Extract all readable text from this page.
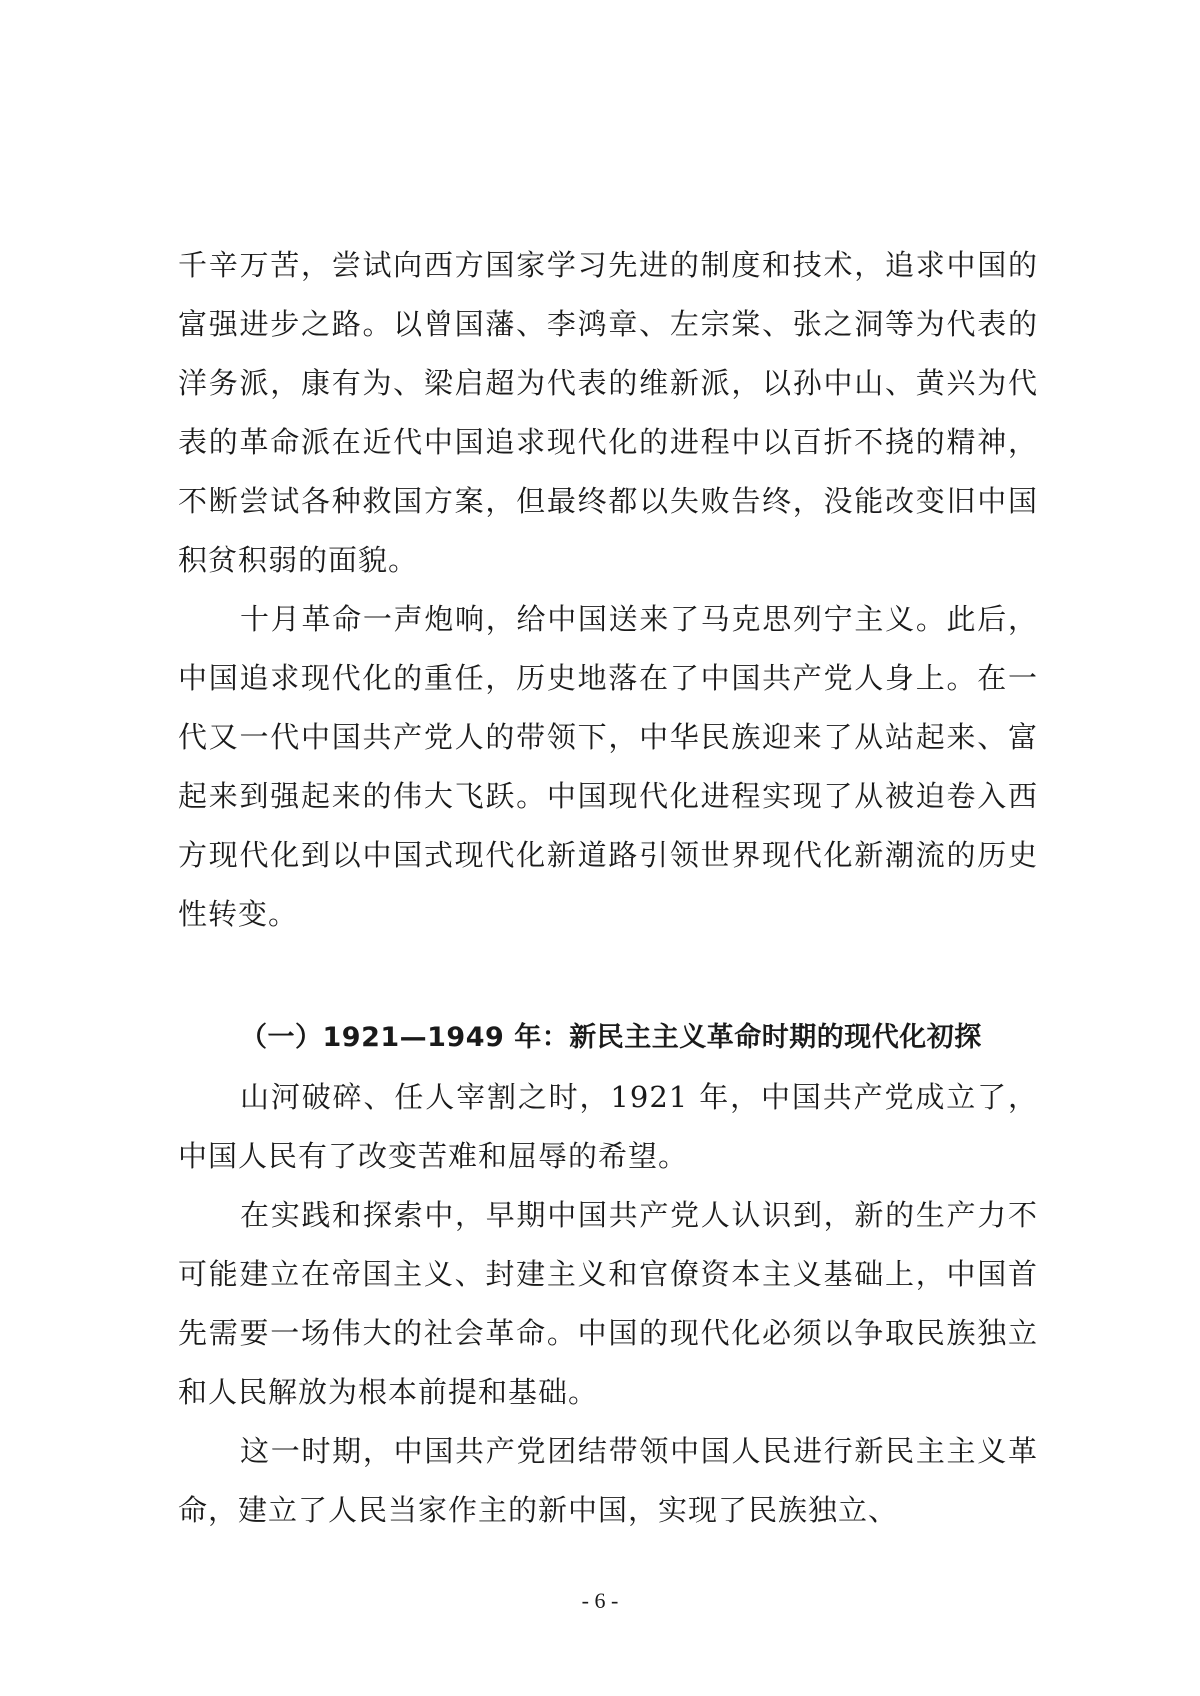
千辛万苦，尝试向西方国家学习先进的制度和技术，追求中国的富强进步之路。以曾国藩、李鸿章、左宗棠、张之洞等为代表的洋务派，康有为、梁启超为代表的维新派，以孙中山、黄兴为代表的革命派在近代中国追求现代化的进程中以百折不挠的精神，不断尝试各种救国方案，但最终都以失败告终，没能改变旧中国积贫积弱的面貌。

十月革命一声炮响，给中国送来了马克思列宁主义。此后，中国追求现代化的重任，历史地落在了中国共产党人身上。在一代又一代中国共产党人的带领下，中华民族迎来了从站起来、富起来到强起来的伟大飞跃。中国现代化进程实现了从被迫卷入西方现代化到以中国式现代化新道路引领世界现代化新潮流的历史性转变。

（一）1921—1949 年：新民主主义革命时期的现代化初探

山河破碎、任人宰割之时，1921 年，中国共产党成立了，中国人民有了改变苦难和屈辱的希望。

在实践和探索中，早期中国共产党人认识到，新的生产力不可能建立在帝国主义、封建主义和官僚资本主义基础上，中国首先需要一场伟大的社会革命。中国的现代化必须以争取民族独立和人民解放为根本前提和基础。

这一时期，中国共产党团结带领中国人民进行新民主主义革命，建立了人民当家作主的新中国，实现了民族独立、

- 6 -
